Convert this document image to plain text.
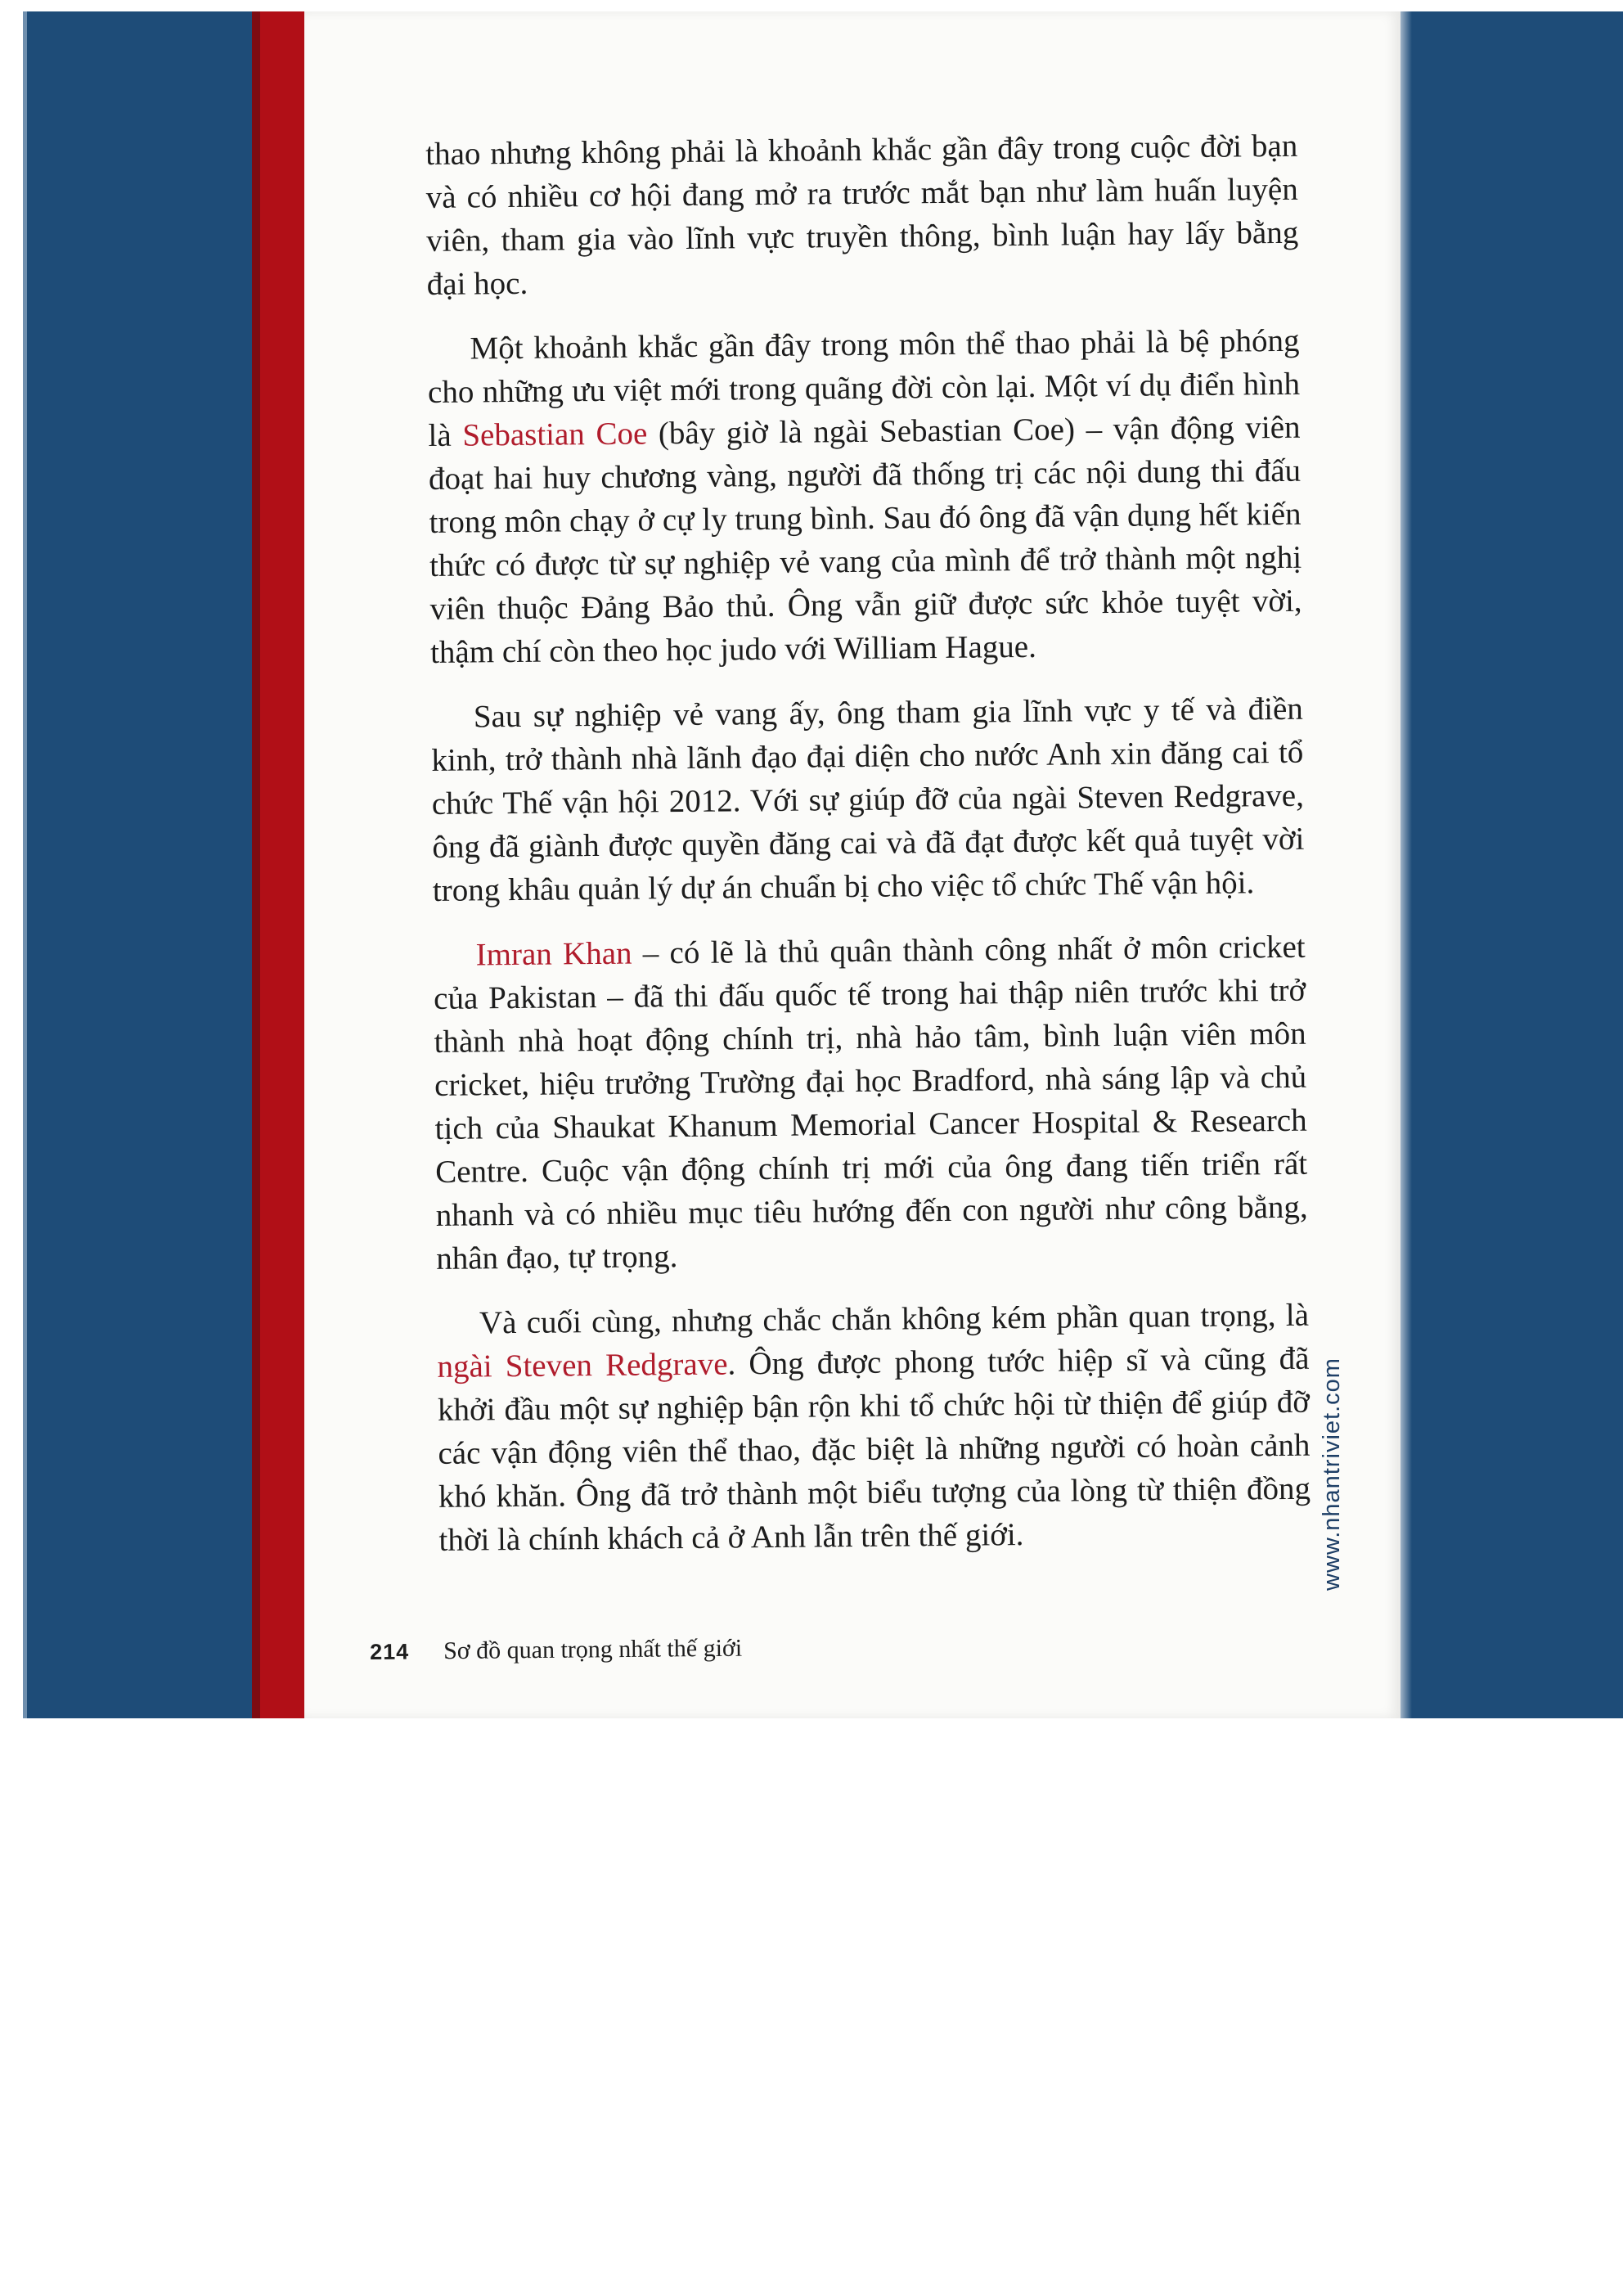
thao nhưng không phải là khoảnh khắc gần đây trong cuộc đời bạn và có nhiều cơ hội đang mở ra trước mắt bạn như làm huấn luyện viên, tham gia vào lĩnh vực truyền thông, bình luận hay lấy bằng đại học.

Một khoảnh khắc gần đây trong môn thể thao phải là bệ phóng cho những ưu việt mới trong quãng đời còn lại. Một ví dụ điển hình là Sebastian Coe (bây giờ là ngài Sebastian Coe) – vận động viên đoạt hai huy chương vàng, người đã thống trị các nội dung thi đấu trong môn chạy ở cự ly trung bình. Sau đó ông đã vận dụng hết kiến thức có được từ sự nghiệp vẻ vang của mình để trở thành một nghị viên thuộc Đảng Bảo thủ. Ông vẫn giữ được sức khỏe tuyệt vời, thậm chí còn theo học judo với William Hague.

Sau sự nghiệp vẻ vang ấy, ông tham gia lĩnh vực y tế và điền kinh, trở thành nhà lãnh đạo đại diện cho nước Anh xin đăng cai tổ chức Thế vận hội 2012. Với sự giúp đỡ của ngài Steven Redgrave, ông đã giành được quyền đăng cai và đã đạt được kết quả tuyệt vời trong khâu quản lý dự án chuẩn bị cho việc tổ chức Thế vận hội.

Imran Khan – có lẽ là thủ quân thành công nhất ở môn cricket của Pakistan – đã thi đấu quốc tế trong hai thập niên trước khi trở thành nhà hoạt động chính trị, nhà hảo tâm, bình luận viên môn cricket, hiệu trưởng Trường đại học Bradford, nhà sáng lập và chủ tịch của Shaukat Khanum Memorial Cancer Hospital & Research Centre. Cuộc vận động chính trị mới của ông đang tiến triển rất nhanh và có nhiều mục tiêu hướng đến con người như công bằng, nhân đạo, tự trọng.

Và cuối cùng, nhưng chắc chắn không kém phần quan trọng, là ngài Steven Redgrave. Ông được phong tước hiệp sĩ và cũng đã khởi đầu một sự nghiệp bận rộn khi tổ chức hội từ thiện để giúp đỡ các vận động viên thể thao, đặc biệt là những người có hoàn cảnh khó khăn. Ông đã trở thành một biểu tượng của lòng từ thiện đồng thời là chính khách cả ở Anh lẫn trên thế giới.

214 Sơ đồ quan trọng nhất thế giới
www.nhantriviet.com
